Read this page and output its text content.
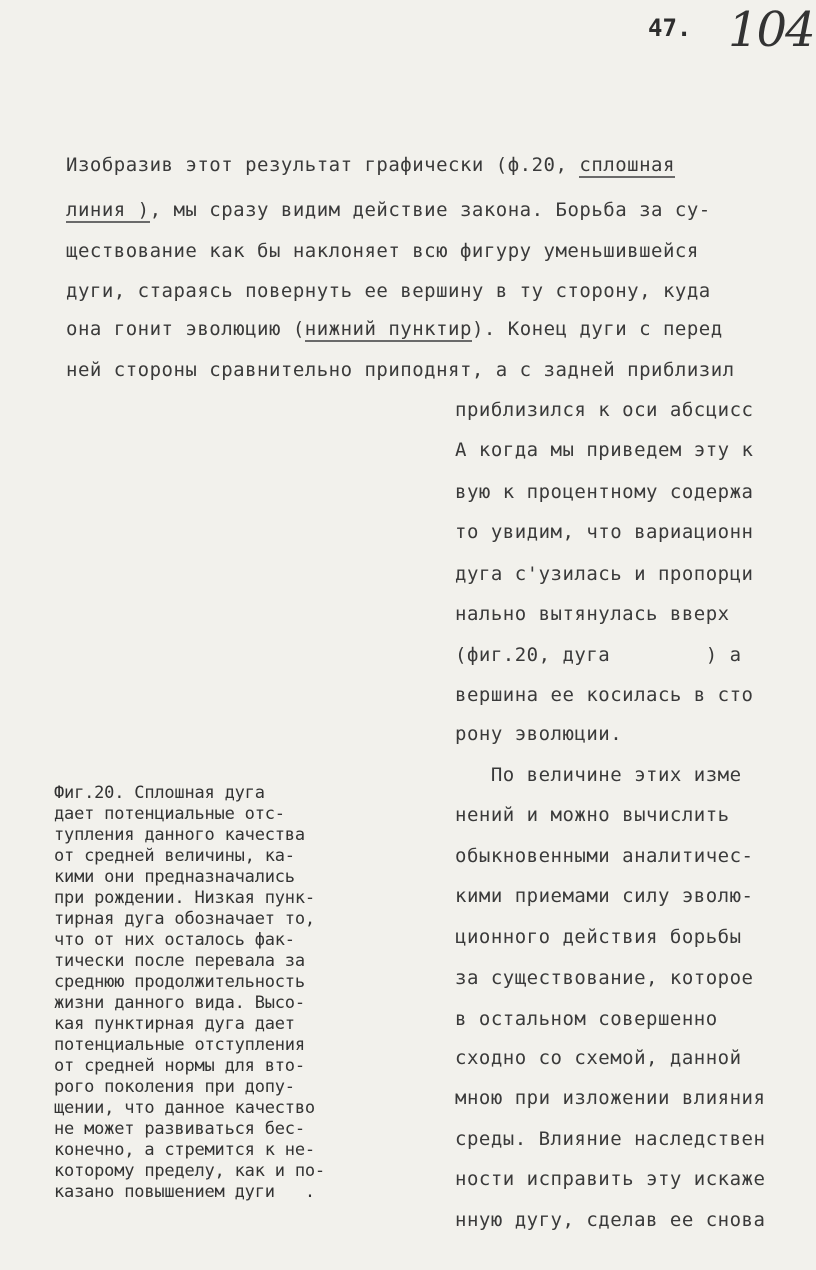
47. 104
Изобразив этот результат графически (ф.20, сплошная
линия ), мы сразу видим действие закона. Борьба за су-
ществование как бы наклоняет всю фигуру уменьшившейся
дуги, стараясь повернуть ее вершину в ту сторону, куда
она гонит эволюцию (нижний пунктир). Конец дуги с перед
ней стороны сравнительно приподнят, а с задней приблизил
приблизился к оси абсцисс
А когда мы приведем эту к
вую к процентному содержа
то увидим, что вариационн
дуга с'узилась и пропорци
нально вытянулась вверх
(фиг.20, дуга        ) а
вершина ее косилась в сто
рону эволюции.
По величине этих изме
нений и можно вычислить
обыкновенными аналитичес-
кими приемами силу эволю-
ционного действия борьбы
за существование, которое
в остальном совершенно
сходно со схемой, данной
мною при изложении влияния
среды. Влияние наследствен
ности исправить эту искаже
нную дугу, сделав ее снова
Фиг.20. Сплошная дуга
дает потенциальные отс-
тупления данного качества
от средней величины, ка-
кими они предназначались
при рождении. Низкая пунк-
тирная дуга обозначает то,
что от них осталось фак-
тически после перевала за
среднюю продолжительность
жизни данного вида. Высо-
кая пунктирная дуга дает
потенциальные отступления
от средней нормы для вто-
рого поколения при допу-
щении, что данное качество
не может развиваться бес-
конечно, а стремится к не-
которому пределу, как и по-
казано повышением дуги   .
